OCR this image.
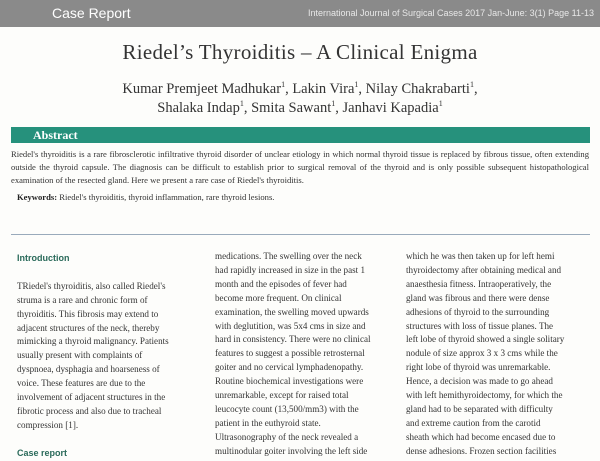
Case Report	International Journal of Surgical Cases 2017 Jan-June: 3(1) Page 11-13
Riedel’s Thyroiditis – A Clinical Enigma
Kumar Premjeet Madhukar$^1$, Lakin Vira$^1$, Nilay Chakrabarti$^1$,
Shalaka Indap$^1$, Smita Sawant$^1$, Janhavi Kapadia$^1$
Abstract
Riedel's thyroiditis is a rare fibrosclerotic infiltrative thyroid disorder of unclear etiology in which normal thyroid tissue is replaced by fibrous tissue, often extending outside the thyroid capsule. The diagnosis can be difficult to establish prior to surgical removal of the thyroid and is only possible subsequent histopathological examination of the resected gland. Here we present a rare case of Riedel's thyroiditis.
Keywords: Riedel's thyroiditis, thyroid inflammation, rare thyroid lesions.
Introduction
TRiedel's thyroiditis, also called Riedel's
struma is a rare and chronic form of
thyroiditis. This fibrosis may extend to
adjacent structures of the neck, thereby
mimicking a thyroid malignancy. Patients
usually present with complaints of
dyspnoea, dysphagia and hoarseness of
voice. These features are due to the
involvement of adjacent structures in the
fibrotic process and also due to tracheal
compression [1].
Case report
medications. The swelling over the neck
had rapidly increased in size in the past 1
month and the episodes of fever had
become more frequent. On clinical
examination, the swelling moved upwards
with deglutition, was 5x4 cms in size and
hard in consistency. There were no clinical
features to suggest a possible retrosternal
goiter and no cervical lymphadenopathy.
Routine biochemical investigations were
unremarkable, except for raised total
leucocyte count (13,500/mm3) with the
patient in the euthyroid state.
Ultrasonography of the neck revealed a
multinodular goiter involving the left side
which he was then taken up for left hemi
thyroidectomy after obtaining medical and
anaesthesia fitness. Intraoperatively, the
gland was fibrous and there were dense
adhesions of thyroid to the surrounding
structures with loss of tissue planes. The
left lobe of thyroid showed a single solitary
nodule of size approx 3 x 3 cms while the
right lobe of thyroid was unremarkable.
Hence, a decision was made to go ahead
with left hemithyroidectomy, for which the
gland had to be separated with difficulty
and extreme caution from the carotid
sheath which had become encased due to
dense adhesions. Frozen section facilities
